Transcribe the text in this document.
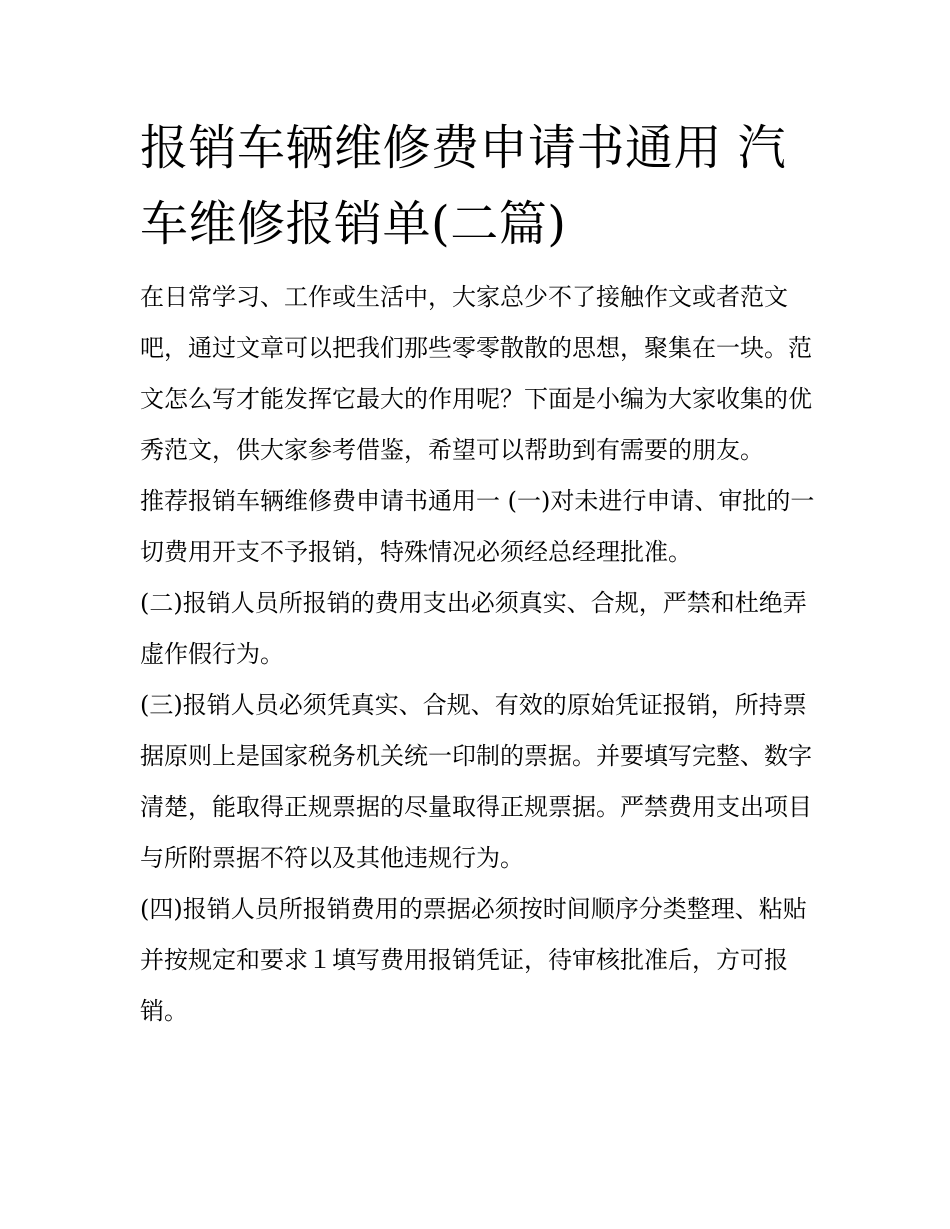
报销车辆维修费申请书通用 汽车维修报销单(二篇)

在日常学习、工作或生活中，大家总少不了接触作文或者范文吧，通过文章可以把我们那些零零散散的思想，聚集在一块。范文怎么写才能发挥它最大的作用呢？下面是小编为大家收集的优秀范文，供大家参考借鉴，希望可以帮助到有需要的朋友。

推荐报销车辆维修费申请书通用一 (一)对未进行申请、审批的一切费用开支不予报销，特殊情况必须经总经理批准。

(二)报销人员所报销的费用支出必须真实、合规，严禁和杜绝弄虚作假行为。

(三)报销人员必须凭真实、合规、有效的原始凭证报销，所持票据原则上是国家税务机关统一印制的票据。并要填写完整、数字清楚，能取得正规票据的尽量取得正规票据。严禁费用支出项目与所附票据不符以及其他违规行为。

(四)报销人员所报销费用的票据必须按时间顺序分类整理、粘贴并按规定和要求１填写费用报销凭证，待审核批准后，方可报销。
